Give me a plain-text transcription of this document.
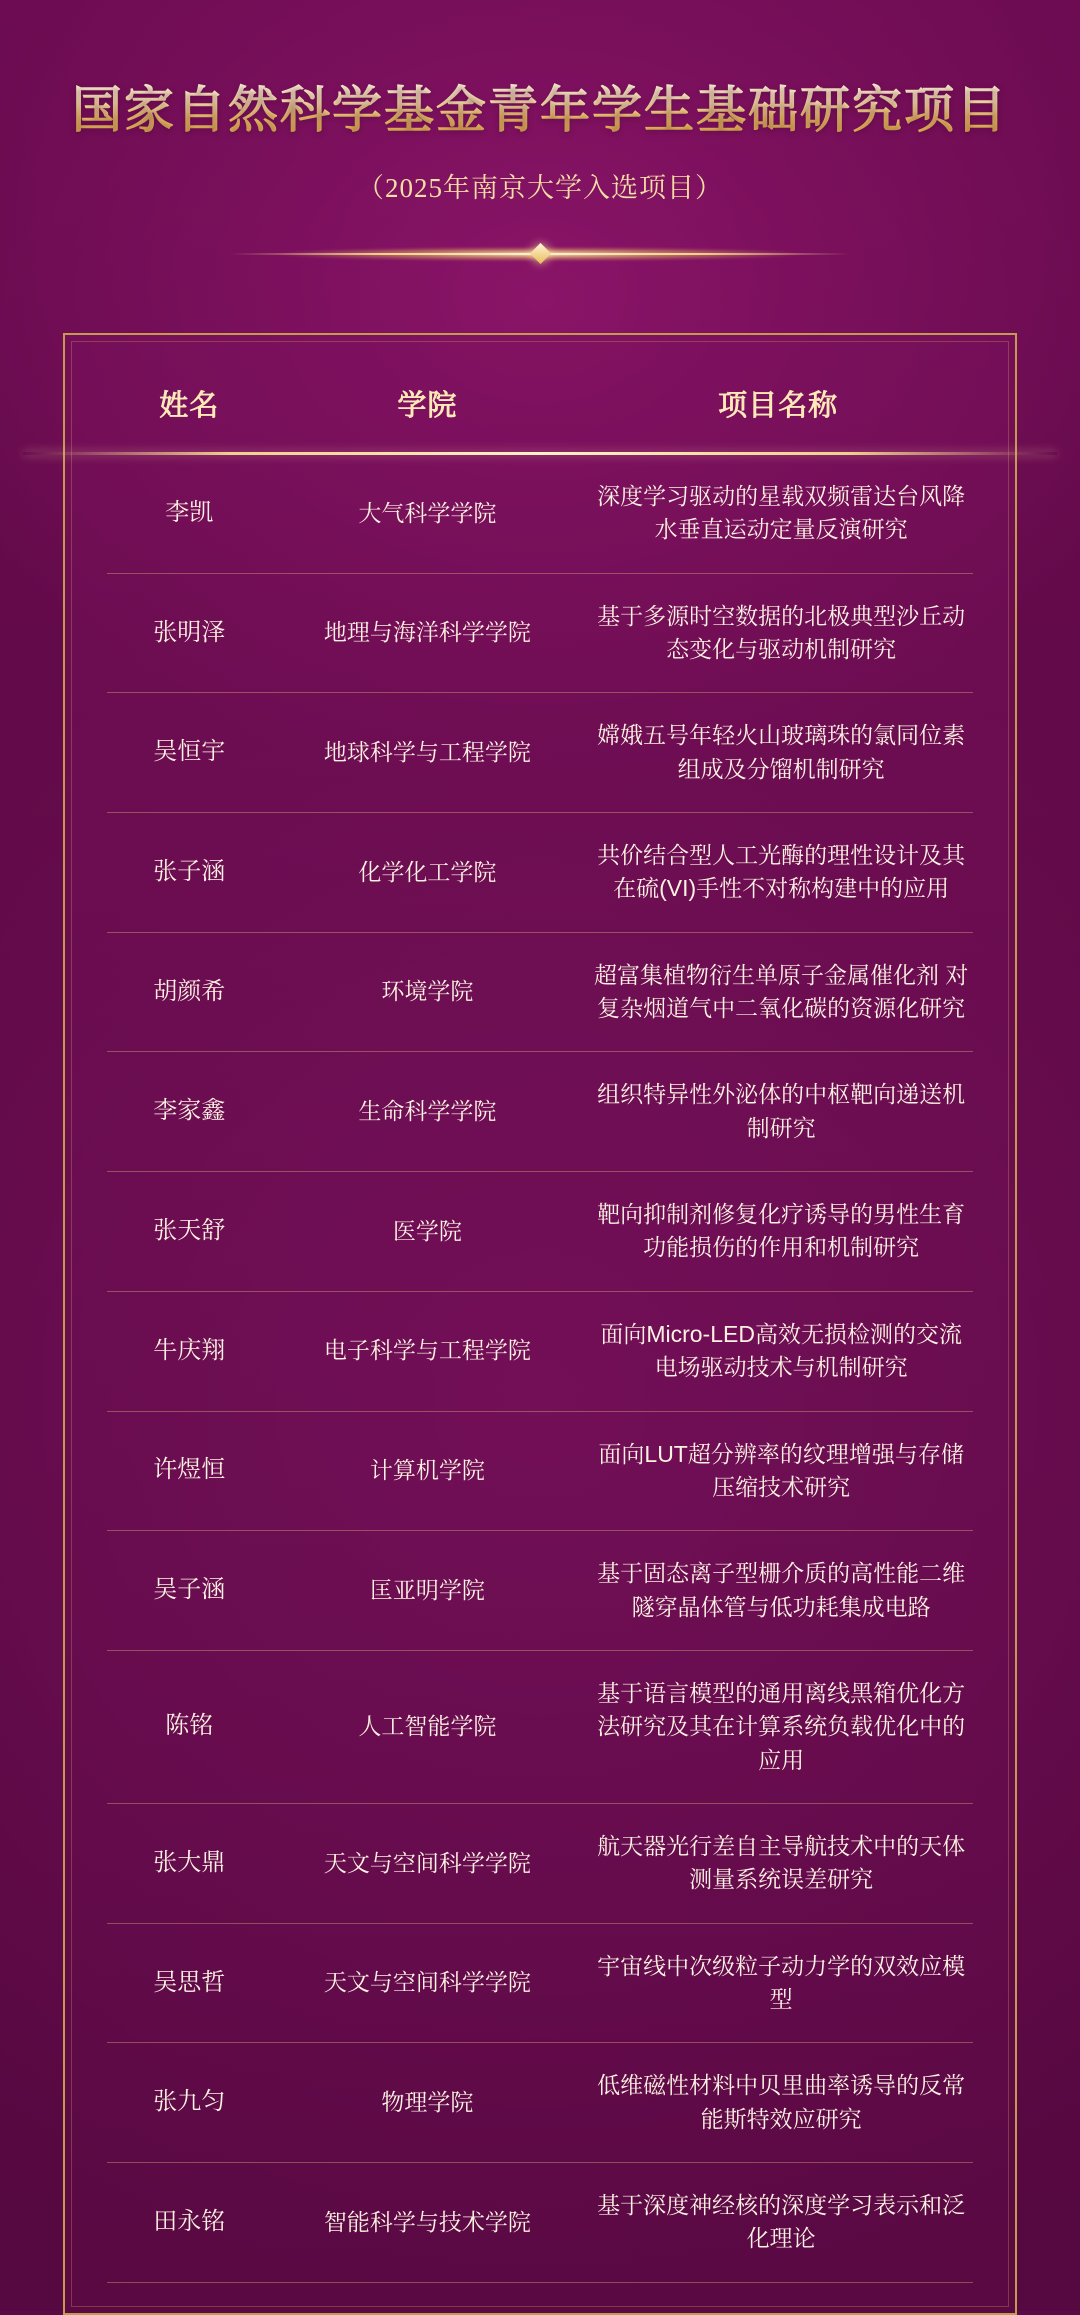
国家自然科学基金青年学生基础研究项目
（2025年南京大学入选项目）
姓名	学院	项目名称
李凯	大气科学学院	深度学习驱动的星载双频雷达台风降水垂直运动定量反演研究
张明泽	地理与海洋科学学院	基于多源时空数据的北极典型沙丘动态变化与驱动机制研究
吴恒宇	地球科学与工程学院	嫦娥五号年轻火山玻璃珠的氯同位素组成及分馏机制研究
张子涵	化学化工学院	共价结合型人工光酶的理性设计及其在硫(VI)手性不对称构建中的应用
胡颜希	环境学院	超富集植物衍生单原子金属催化剂 对复杂烟道气中二氧化碳的资源化研究
李家鑫	生命科学学院	组织特异性外泌体的中枢靶向递送机制研究
张天舒	医学院	靶向抑制剂修复化疗诱导的男性生育功能损伤的作用和机制研究
牛庆翔	电子科学与工程学院	面向Micro-LED高效无损检测的交流电场驱动技术与机制研究
许煜恒	计算机学院	面向LUT超分辨率的纹理增强与存储压缩技术研究
吴子涵	匡亚明学院	基于固态离子型栅介质的高性能二维隧穿晶体管与低功耗集成电路
陈铭	人工智能学院	基于语言模型的通用离线黑箱优化方法研究及其在计算系统负载优化中的应用
张大鼎	天文与空间科学学院	航天器光行差自主导航技术中的天体测量系统误差研究
吴思哲	天文与空间科学学院	宇宙线中次级粒子动力学的双效应模型
张九匀	物理学院	低维磁性材料中贝里曲率诱导的反常能斯特效应研究
田永铭	智能科学与技术学院	基于深度神经核的深度学习表示和泛化理论
